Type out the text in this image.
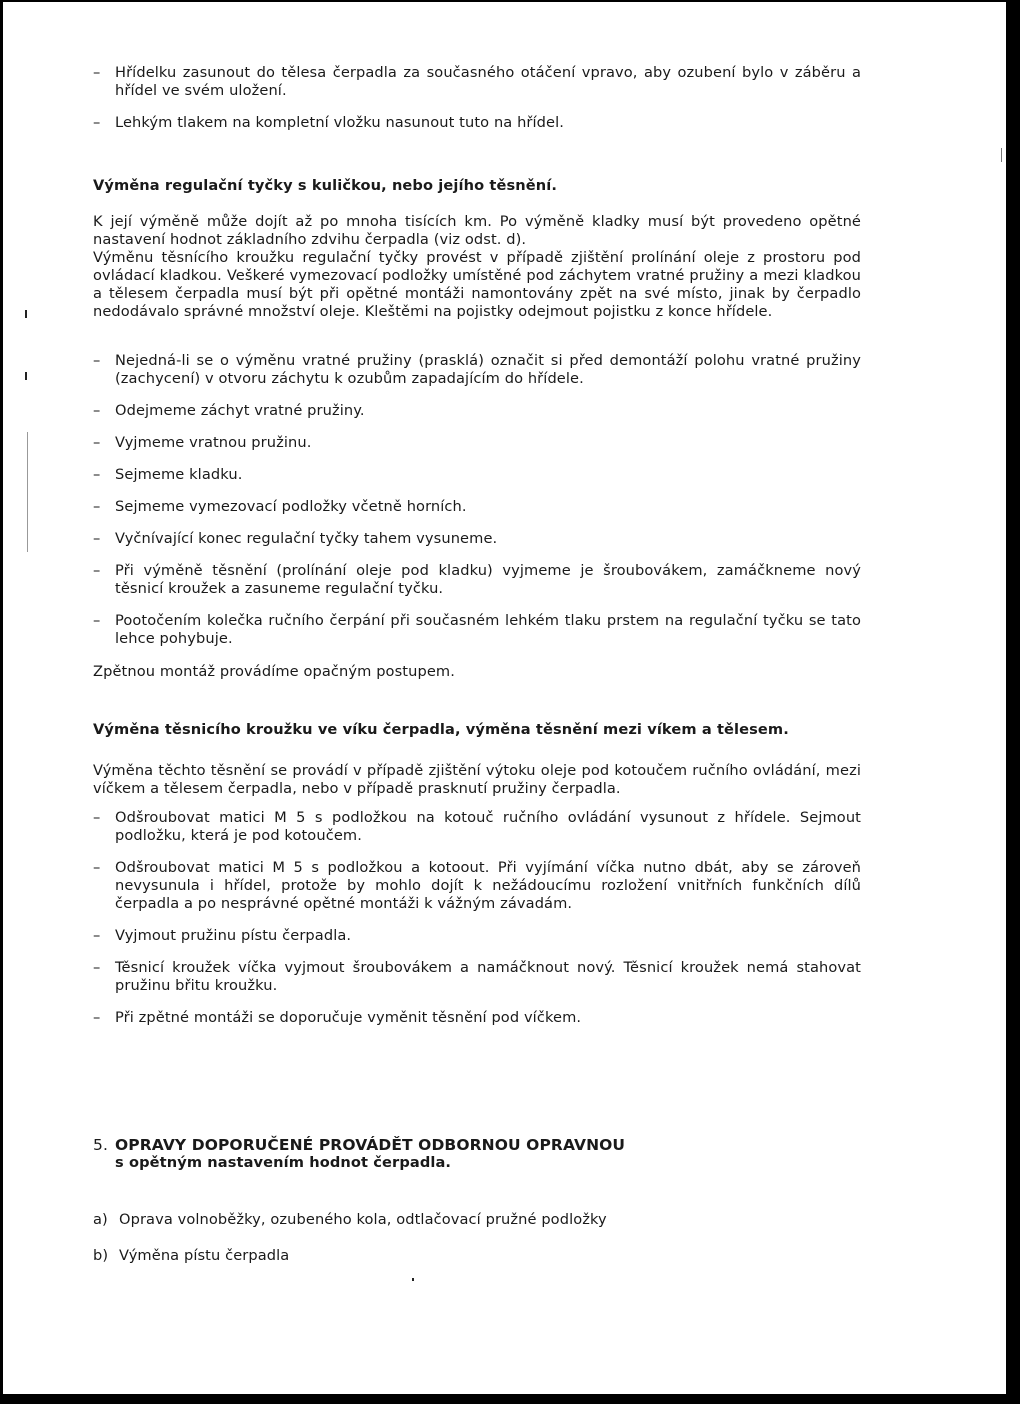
– Hřídelku zasunout do tělesa čerpadla za současného otáčení vpravo, aby ozubení bylo v záběru a hřídel ve svém uložení.
– Lehkým tlakem na kompletní vložku nasunout tuto na hřídel.
Výměna regulační tyčky s kuličkou, nebo jejího těsnění.
K její výměně může dojít až po mnoha tisících km. Po výměně kladky musí být provedeno opětné nastavení hodnot základního zdvihu čerpadla (viz odst. d).
Výměnu těsnícího kroužku regulační tyčky provést v případě zjištění prolínání oleje z prostoru pod ovládací kladkou. Veškeré vymezovací podložky umístěné pod záchytem vratné pružiny a mezi kladkou a tělesem čerpadla musí být při opětné montáži namontovány zpět na své místo, jinak by čerpadlo nedodávalo správné množství oleje. Kleštěmi na pojistky odejmout pojistku z konce hřídele.
– Nejedná-li se o výměnu vratné pružiny (prasklá) označit si před demontáží polohu vratné pružiny (zachycení) v otvoru záchytu k ozubům zapadajícím do hřídele.
– Odejmeme záchyt vratné pružiny.
– Vyjmeme vratnou pružinu.
– Sejmeme kladku.
– Sejmeme vymezovací podložky včetně horních.
– Vyčnívající konec regulační tyčky tahem vysuneme.
– Při výměně těsnění (prolínání oleje pod kladku) vyjmeme je šroubovákem, zamáčkneme nový těsnicí kroužek a zasuneme regulační tyčku.
– Pootočením kolečka ručního čerpání při současném lehkém tlaku prstem na regulační tyčku se tato lehce pohybuje.
Zpětnou montáž provádíme opačným postupem.
Výměna těsnicího kroužku ve víku čerpadla, výměna těsnění mezi víkem a tělesem.
Výměna těchto těsnění se provádí v případě zjištění výtoku oleje pod kotoučem ručního ovládání, mezi víčkem a tělesem čerpadla, nebo v případě prasknutí pružiny čerpadla.
– Odšroubovat matici M 5 s podložkou na kotouč ručního ovládání vysunout z hřídele. Sejmout podložku, která je pod kotoučem.
– Odšroubovat matici M 5 s podložkou a kotoout. Při vyjímání víčka nutno dbát, aby se zároveň nevysunula i hřídel, protože by mohlo dojít k nežádoucímu rozložení vnitřních funkčních dílů čerpadla a po nesprávné opětné montáži k vážným závadám.
– Vyjmout pružinu pístu čerpadla.
– Těsnicí kroužek víčka vyjmout šroubovákem a namáčknout nový. Těsnicí kroužek nemá stahovat pružinu břitu kroužku.
– Při zpětné montáži se doporučuje vyměnit těsnění pod víčkem.
5. OPRAVY DOPORUČENÉ PROVÁDĚT ODBORNOU OPRAVNOU
s opětným nastavením hodnot čerpadla.
a) Oprava volnoběžky, ozubeného kola, odtlačovací pružné podložky
b) Výměna pístu čerpadla
